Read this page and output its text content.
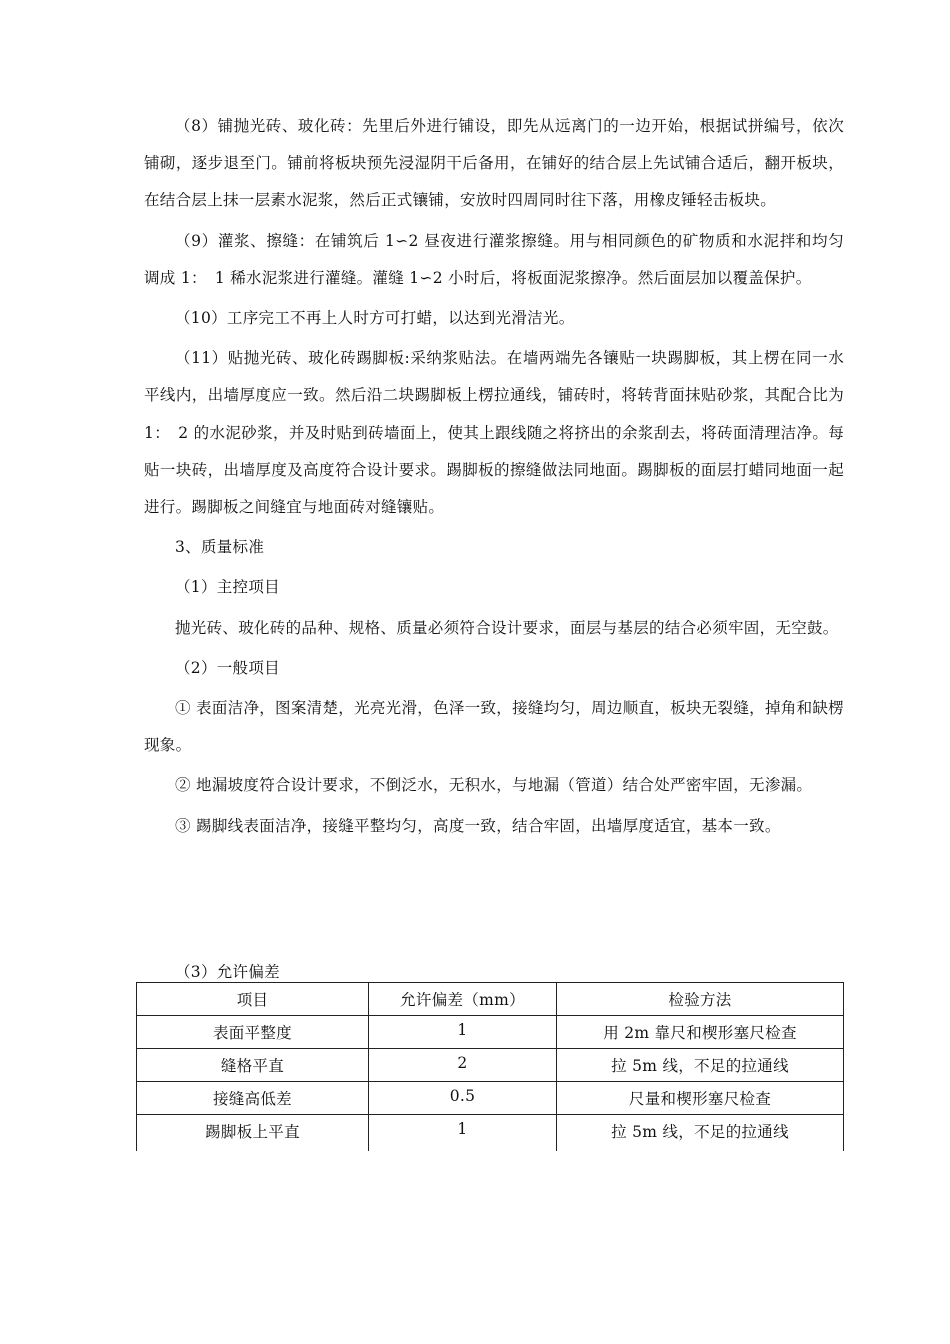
（8）铺抛光砖、玻化砖：先里后外进行铺设，即先从远离门的一边开始，根据试拼编号，依次铺砌，逐步退至门。铺前将板块预先浸湿阴干后备用，在铺好的结合层上先试铺合适后，翻开板块，在结合层上抹一层素水泥浆，然后正式镶铺，安放时四周同时往下落，用橡皮锤轻击板块。

（9）灌浆、擦缝：在铺筑后 1∽2 昼夜进行灌浆擦缝。用与相同颜色的矿物质和水泥拌和均匀调成 1：　1 稀水泥浆进行灌缝。灌缝 1∽2 小时后，将板面泥浆擦净。然后面层加以覆盖保护。

（10）工序完工不再上人时方可打蜡，以达到光滑洁光。

（11）贴抛光砖、玻化砖踢脚板:采纳浆贴法。在墙两端先各镶贴一块踢脚板，其上楞在同一水平线内，出墙厚度应一致。然后沿二块踢脚板上楞拉通线，铺砖时，将转背面抹贴砂浆，其配合比为 1：　2 的水泥砂浆，并及时贴到砖墙面上，使其上跟线随之将挤出的余浆刮去，将砖面清理洁净。每贴一块砖，出墙厚度及高度符合设计要求。踢脚板的擦缝做法同地面。踢脚板的面层打蜡同地面一起进行。踢脚板之间缝宜与地面砖对缝镶贴。

3、质量标准

（1）主控项目

抛光砖、玻化砖的品种、规格、质量必须符合设计要求，面层与基层的结合必须牢固，无空鼓。

（2）一般项目

① 表面洁净，图案清楚，光亮光滑，色泽一致，接缝均匀，周边顺直，板块无裂缝，掉角和缺楞现象。

② 地漏坡度符合设计要求，不倒泛水，无积水，与地漏（管道）结合处严密牢固，无渗漏。

③ 踢脚线表面洁净，接缝平整均匀，高度一致，结合牢固，出墙厚度适宜，基本一致。

（3）允许偏差
项目	允许偏差（mm）	检验方法
表面平整度	1	用 2m 靠尺和楔形塞尺检查
缝格平直	2	拉 5m 线，不足的拉通线
接缝高低差	0.5	尺量和楔形塞尺检查
踢脚板上平直	1	拉 5m 线，不足的拉通线
